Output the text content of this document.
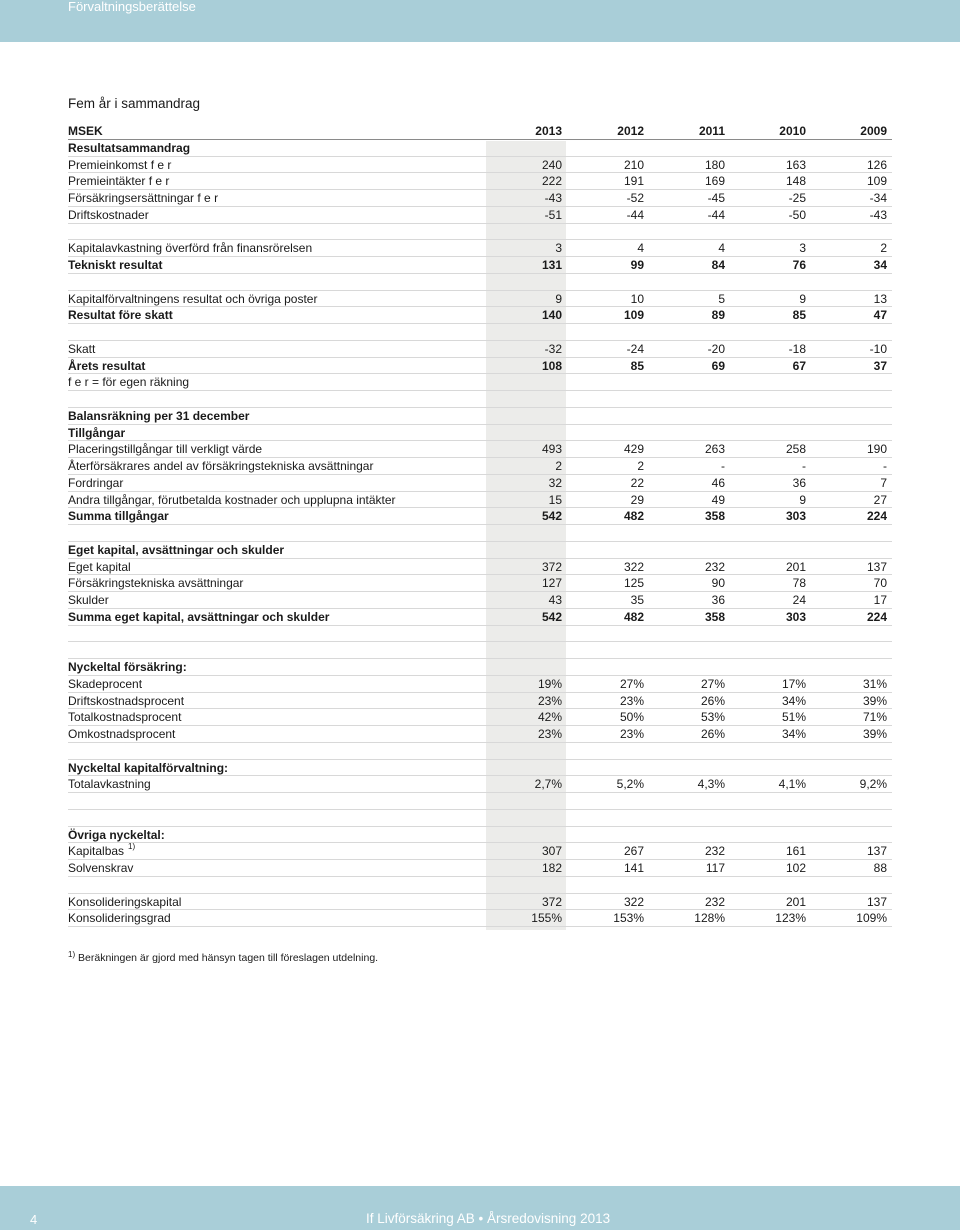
Förvaltningsberättelse
Fem år i sammandrag
MSEK	2013	2012	2011	2010	2009
Resultatsammandrag
Premieinkomst f e r	240	210	180	163	126
Premieintäkter f e r	222	191	169	148	109
Försäkringsersättningar f e r	-43	-52	-45	-25	-34
Driftskostnader	-51	-44	-44	-50	-43
Kapitalavkastning överförd från finansrörelsen	3	4	4	3	2
Tekniskt resultat	131	99	84	76	34
Kapitalförvaltningens resultat och övriga poster	9	10	5	9	13
Resultat före skatt	140	109	89	85	47
Skatt	-32	-24	-20	-18	-10
Årets resultat	108	85	69	67	37
f e r = för egen räkning
Balansräkning per 31 december
Tillgångar
Placeringstillgångar till verkligt värde	493	429	263	258	190
Återförsäkrares andel av försäkringstekniska avsättningar	2	2	-	-	-
Fordringar	32	22	46	36	7
Andra tillgångar, förutbetalda kostnader och upplupna intäkter	15	29	49	9	27
Summa tillgångar	542	482	358	303	224
Eget kapital, avsättningar och skulder
Eget kapital	372	322	232	201	137
Försäkringstekniska avsättningar	127	125	90	78	70
Skulder	43	35	36	24	17
Summa eget kapital, avsättningar och skulder	542	482	358	303	224
Nyckeltal försäkring:
Skadeprocent	19%	27%	27%	17%	31%
Driftskostnadsprocent	23%	23%	26%	34%	39%
Totalkostnadsprocent	42%	50%	53%	51%	71%
Omkostnadsprocent	23%	23%	26%	34%	39%
Nyckeltal kapitalförvaltning:
Totalavkastning	2,7%	5,2%	4,3%	4,1%	9,2%
Övriga nyckeltal:
Kapitalbas 1)	307	267	232	161	137
Solvenskrav	182	141	117	102	88
Konsolideringskapital	372	322	232	201	137
Konsolideringsgrad	155%	153%	128%	123%	109%
$^{1)}$ Beräkningen är gjord med hänsyn tagen till föreslagen utdelning.
4	If Livförsäkring AB • Årsredovisning 2013
